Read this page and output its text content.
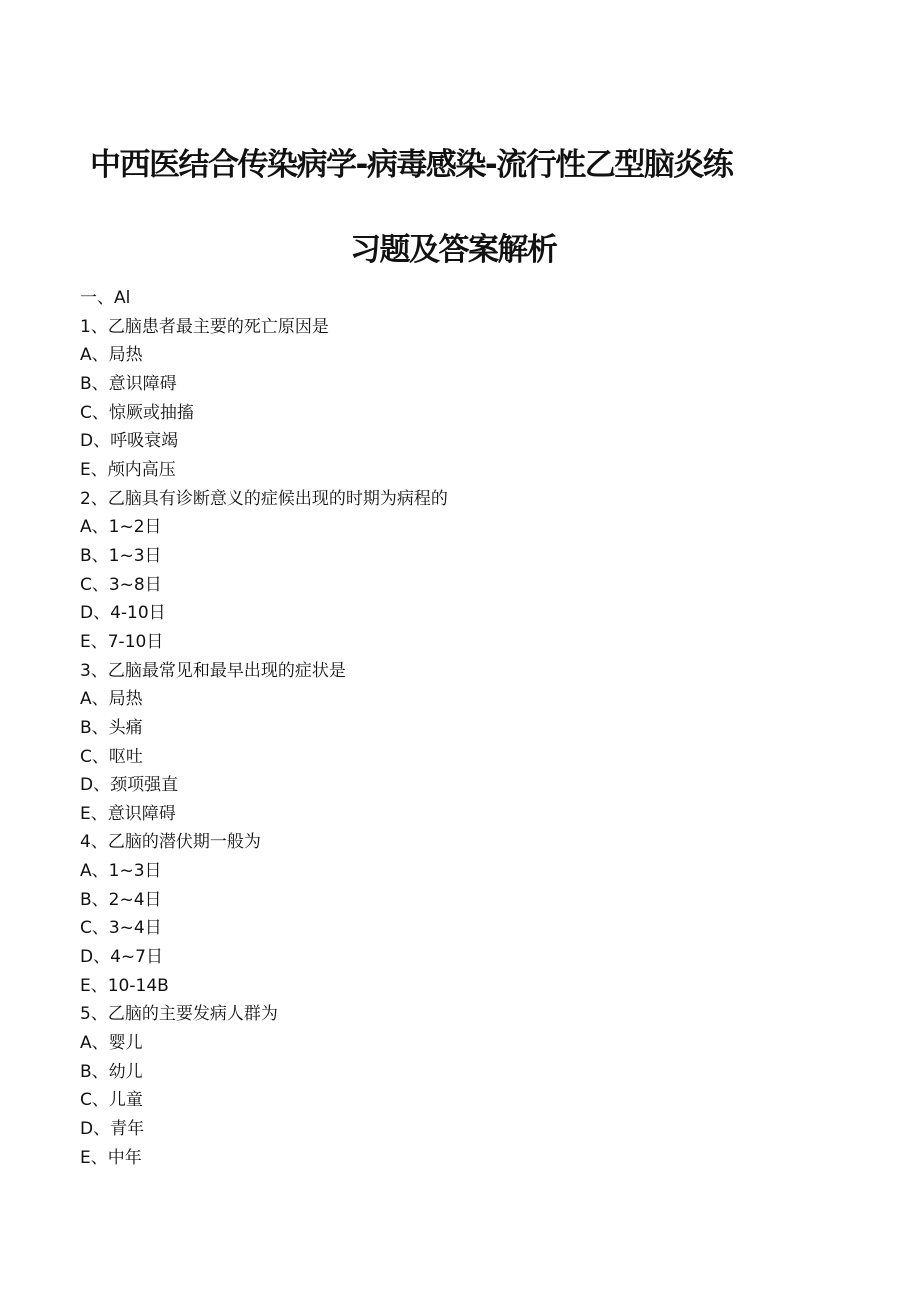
中西医结合传染病学-病毒感染-流行性乙型脑炎练
习题及答案解析
一、Al
1、乙脑患者最主要的死亡原因是
A、局热
B、意识障碍
C、惊厥或抽搐
D、呼吸衰竭
E、颅内高压
2、乙脑具有诊断意义的症候出现的时期为病程的
A、1~2日
B、1~3日
C、3~8日
D、4-10日
E、7-10日
3、乙脑最常见和最早出现的症状是
A、局热
B、头痛
C、呕吐
D、颈项强直
E、意识障碍
4、乙脑的潜伏期一般为
A、1~3日
B、2~4日
C、3~4日
D、4~7日
E、10-14B
5、乙脑的主要发病人群为
A、婴儿
B、幼儿
C、儿童
D、青年
E、中年
